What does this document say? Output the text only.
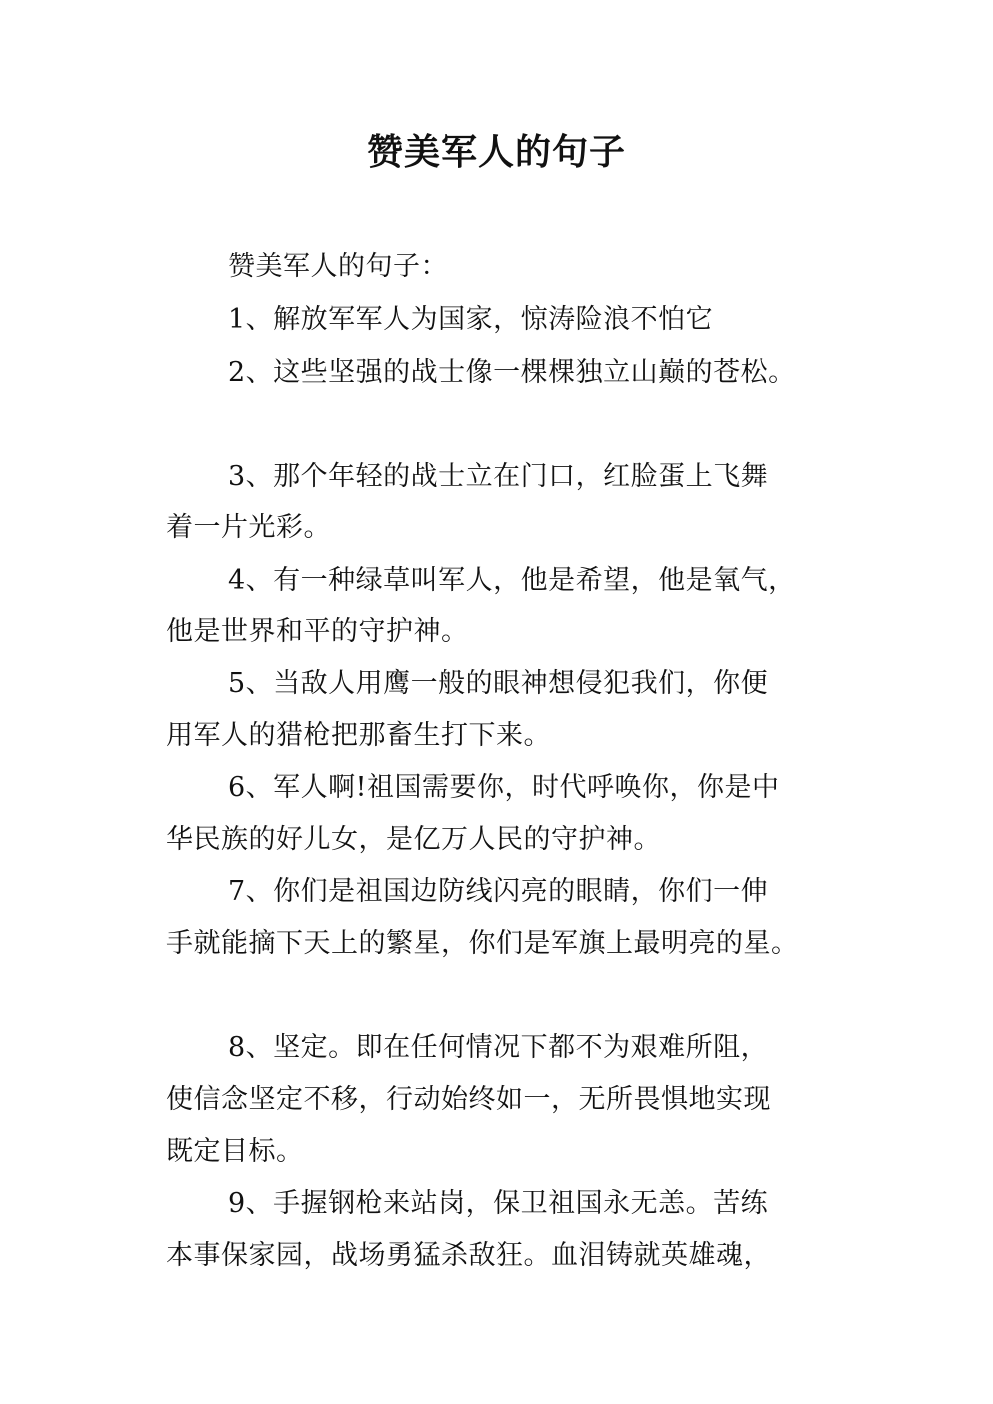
赞美军人的句子
赞美军人的句子：
1、解放军军人为国家，惊涛险浪不怕它
2、这些坚强的战士像一棵棵独立山巅的苍松。
3、那个年轻的战士立在门口，红脸蛋上飞舞
着一片光彩。
4、有一种绿草叫军人，他是希望，他是氧气，
他是世界和平的守护神。
5、当敌人用鹰一般的眼神想侵犯我们，你便
用军人的猎枪把那畜生打下来。
6、军人啊!祖国需要你，时代呼唤你，你是中
华民族的好儿女，是亿万人民的守护神。
7、你们是祖国边防线闪亮的眼睛，你们一伸
手就能摘下天上的繁星，你们是军旗上最明亮的星。
8、坚定。即在任何情况下都不为艰难所阻，
使信念坚定不移，行动始终如一，无所畏惧地实现
既定目标。
9、手握钢枪来站岗，保卫祖国永无恙。苦练
本事保家园，战场勇猛杀敌狂。血泪铸就英雄魂，
